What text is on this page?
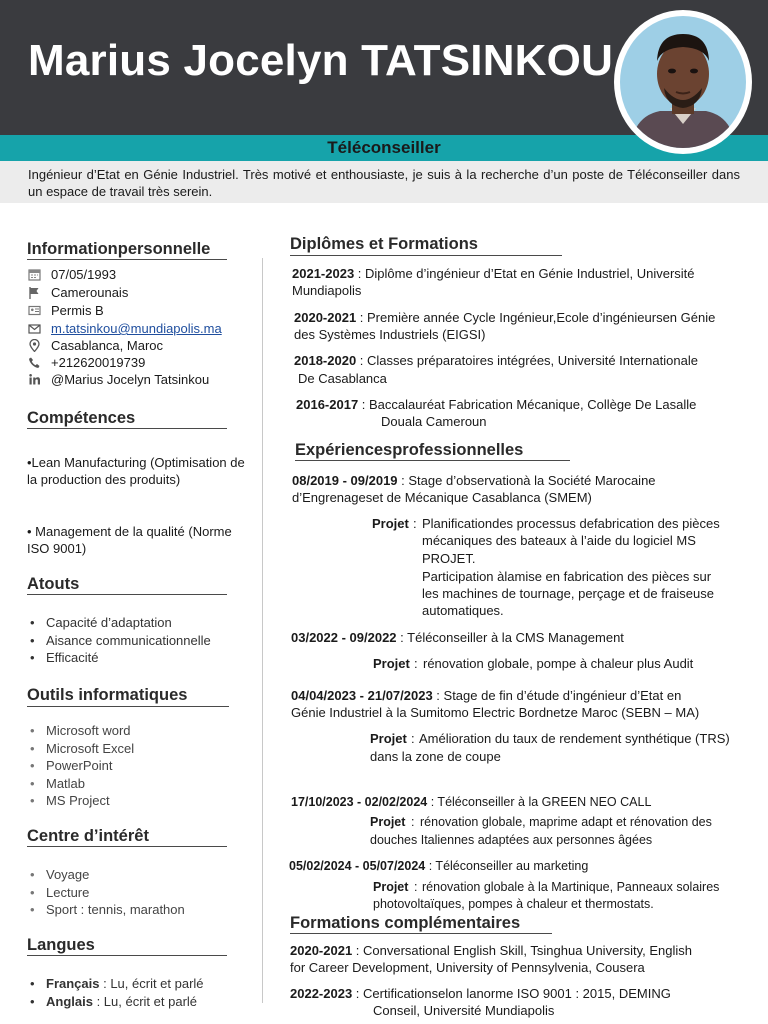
Marius Jocelyn TATSINKOU
Téléconseiller
Ingénieur d’Etat en Génie Industriel. Très motivé et enthousiaste, je suis à la recherche d’un poste de Téléconseiller dans un espace de travail très serein.
Informationpersonnelle
07/05/1993
Camerounais
Permis B
m.tatsinkou@mundiapolis.ma
Casablanca, Maroc
+212620019739
@Marius Jocelyn Tatsinkou
Compétences
•Lean Manufacturing (Optimisation de la production des produits)
• Management de la qualité (Norme ISO 9001)
Atouts
• Capacité d’adaptation
• Aisance communicationnelle
• Efficacité
Outils informatiques
• Microsoft word
• Microsoft Excel
• PowerPoint
• Matlab
• MS Project
Centre d’intérêt
• Voyage
• Lecture
• Sport : tennis, marathon
Langues
• Français : Lu, écrit et parlé
• Anglais : Lu, écrit et parlé
Diplômes et Formations
2021-2023 : Diplôme d’ingénieur d’Etat en Génie Industriel, Université
Mundiapolis
2020-2021 : Première année Cycle Ingénieur,Ecole d’ingénieursen Génie
des Systèmes Industriels (EIGSI)
2018-2020 : Classes préparatoires intégrées, Université Internationale
De Casablanca
2016-2017 : Baccalauréat Fabrication Mécanique, Collège De Lasalle
Douala Cameroun
Expériencesprofessionnelles
08/2019 - 09/2019 : Stage d’observationà la Société Marocaine
d’Engrenageset de Mécanique Casablanca (SMEM)
Projet : Planificationdes processus defabrication des pièces
mécaniques des bateaux à l’aide du logiciel MS
PROJET.
Participation àlamise en fabrication des pièces sur
les machines de tournage, perçage et de fraiseuse
automatiques.
03/2022 - 09/2022 : Téléconseiller à la CMS Management
Projet : rénovation globale, pompe à chaleur plus Audit
04/04/2023 - 21/07/2023 : Stage de fin d’étude d’ingénieur d’Etat en
Génie Industriel à la Sumitomo Electric Bordnetze Maroc (SEBN – MA)
Projet : Amélioration du taux de rendement synthétique (TRS)
dans la zone de coupe
17/10/2023 - 02/02/2024 : Téléconseiller à la GREEN NEO CALL
Projet : rénovation globale, maprime adapt et rénovation des
douches Italiennes adaptées aux personnes âgées
05/02/2024 - 05/07/2024 : Téléconseiller au marketing
Projet : rénovation globale à la Martinique, Panneaux solaires
photovoltaïques, pompes à chaleur et thermostats.
Formations complémentaires
2020-2021 : Conversational English Skill, Tsinghua University, English
for Career Development, University of Pennsylvenia, Cousera
2022-2023 : Certificationselon lanorme ISO 9001 : 2015, DEMING
Conseil, Université Mundiapolis
